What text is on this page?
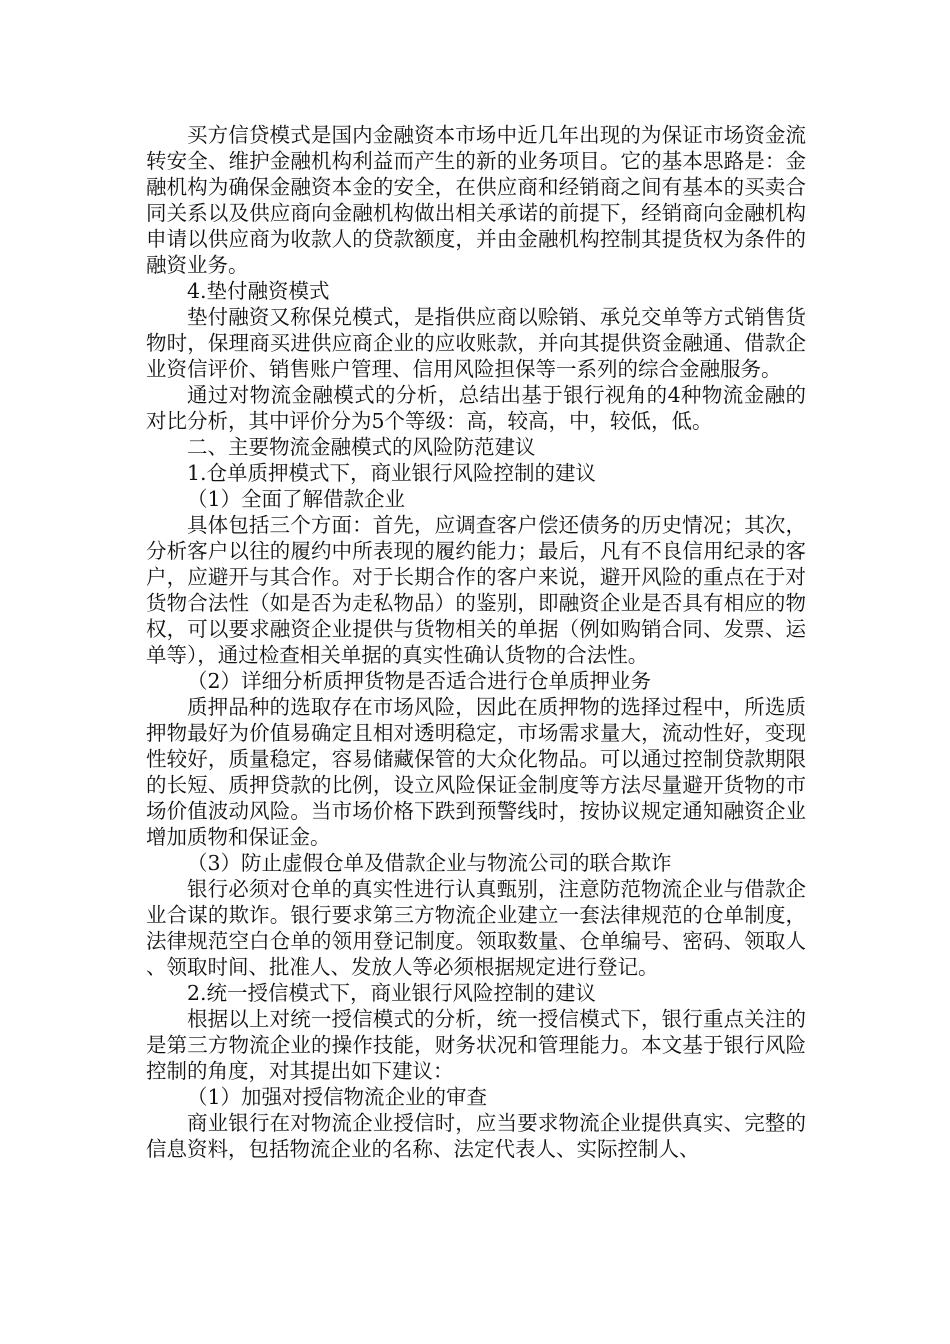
买方信贷模式是国内金融资本市场中近几年出现的为保证市场资金流转安全、维护金融机构利益而产生的新的业务项目。它的基本思路是：金融机构为确保金融资本金的安全，在供应商和经销商之间有基本的买卖合同关系以及供应商向金融机构做出相关承诺的前提下，经销商向金融机构申请以供应商为收款人的贷款额度，并由金融机构控制其提货权为条件的融资业务。

4.垫付融资模式

垫付融资又称保兑模式，是指供应商以赊销、承兑交单等方式销售货物时，保理商买进供应商企业的应收账款，并向其提供资金融通、借款企业资信评价、销售账户管理、信用风险担保等一系列的综合金融服务。

通过对物流金融模式的分析，总结出基于银行视角的4种物流金融的对比分析，其中评价分为5个等级：高，较高，中，较低，低。

二、主要物流金融模式的风险防范建议

1.仓单质押模式下，商业银行风险控制的建议

（1）全面了解借款企业

具体包括三个方面：首先，应调查客户偿还债务的历史情况；其次，分析客户以往的履约中所表现的履约能力；最后，凡有不良信用纪录的客户，应避开与其合作。对于长期合作的客户来说，避开风险的重点在于对货物合法性（如是否为走私物品）的鉴别，即融资企业是否具有相应的物权，可以要求融资企业提供与货物相关的单据（例如购销合同、发票、运单等），通过检查相关单据的真实性确认货物的合法性。

（2）详细分析质押货物是否适合进行仓单质押业务

质押品种的选取存在市场风险，因此在质押物的选择过程中，所选质押物最好为价值易确定且相对透明稳定，市场需求量大，流动性好，变现性较好，质量稳定，容易储藏保管的大众化物品。可以通过控制贷款期限的长短、质押贷款的比例，设立风险保证金制度等方法尽量避开货物的市场价值波动风险。当市场价格下跌到预警线时，按协议规定通知融资企业增加质物和保证金。

（3）防止虚假仓单及借款企业与物流公司的联合欺诈

银行必须对仓单的真实性进行认真甄别，注意防范物流企业与借款企业合谋的欺诈。银行要求第三方物流企业建立一套法律规范的仓单制度，法律规范空白仓单的领用登记制度。领取数量、仓单编号、密码、领取人、领取时间、批准人、发放人等必须根据规定进行登记。

2.统一授信模式下，商业银行风险控制的建议

根据以上对统一授信模式的分析，统一授信模式下，银行重点关注的是第三方物流企业的操作技能，财务状况和管理能力。本文基于银行风险控制的角度，对其提出如下建议：

（1）加强对授信物流企业的审查

商业银行在对物流企业授信时，应当要求物流企业提供真实、完整的信息资料，包括物流企业的名称、法定代表人、实际控制人、
